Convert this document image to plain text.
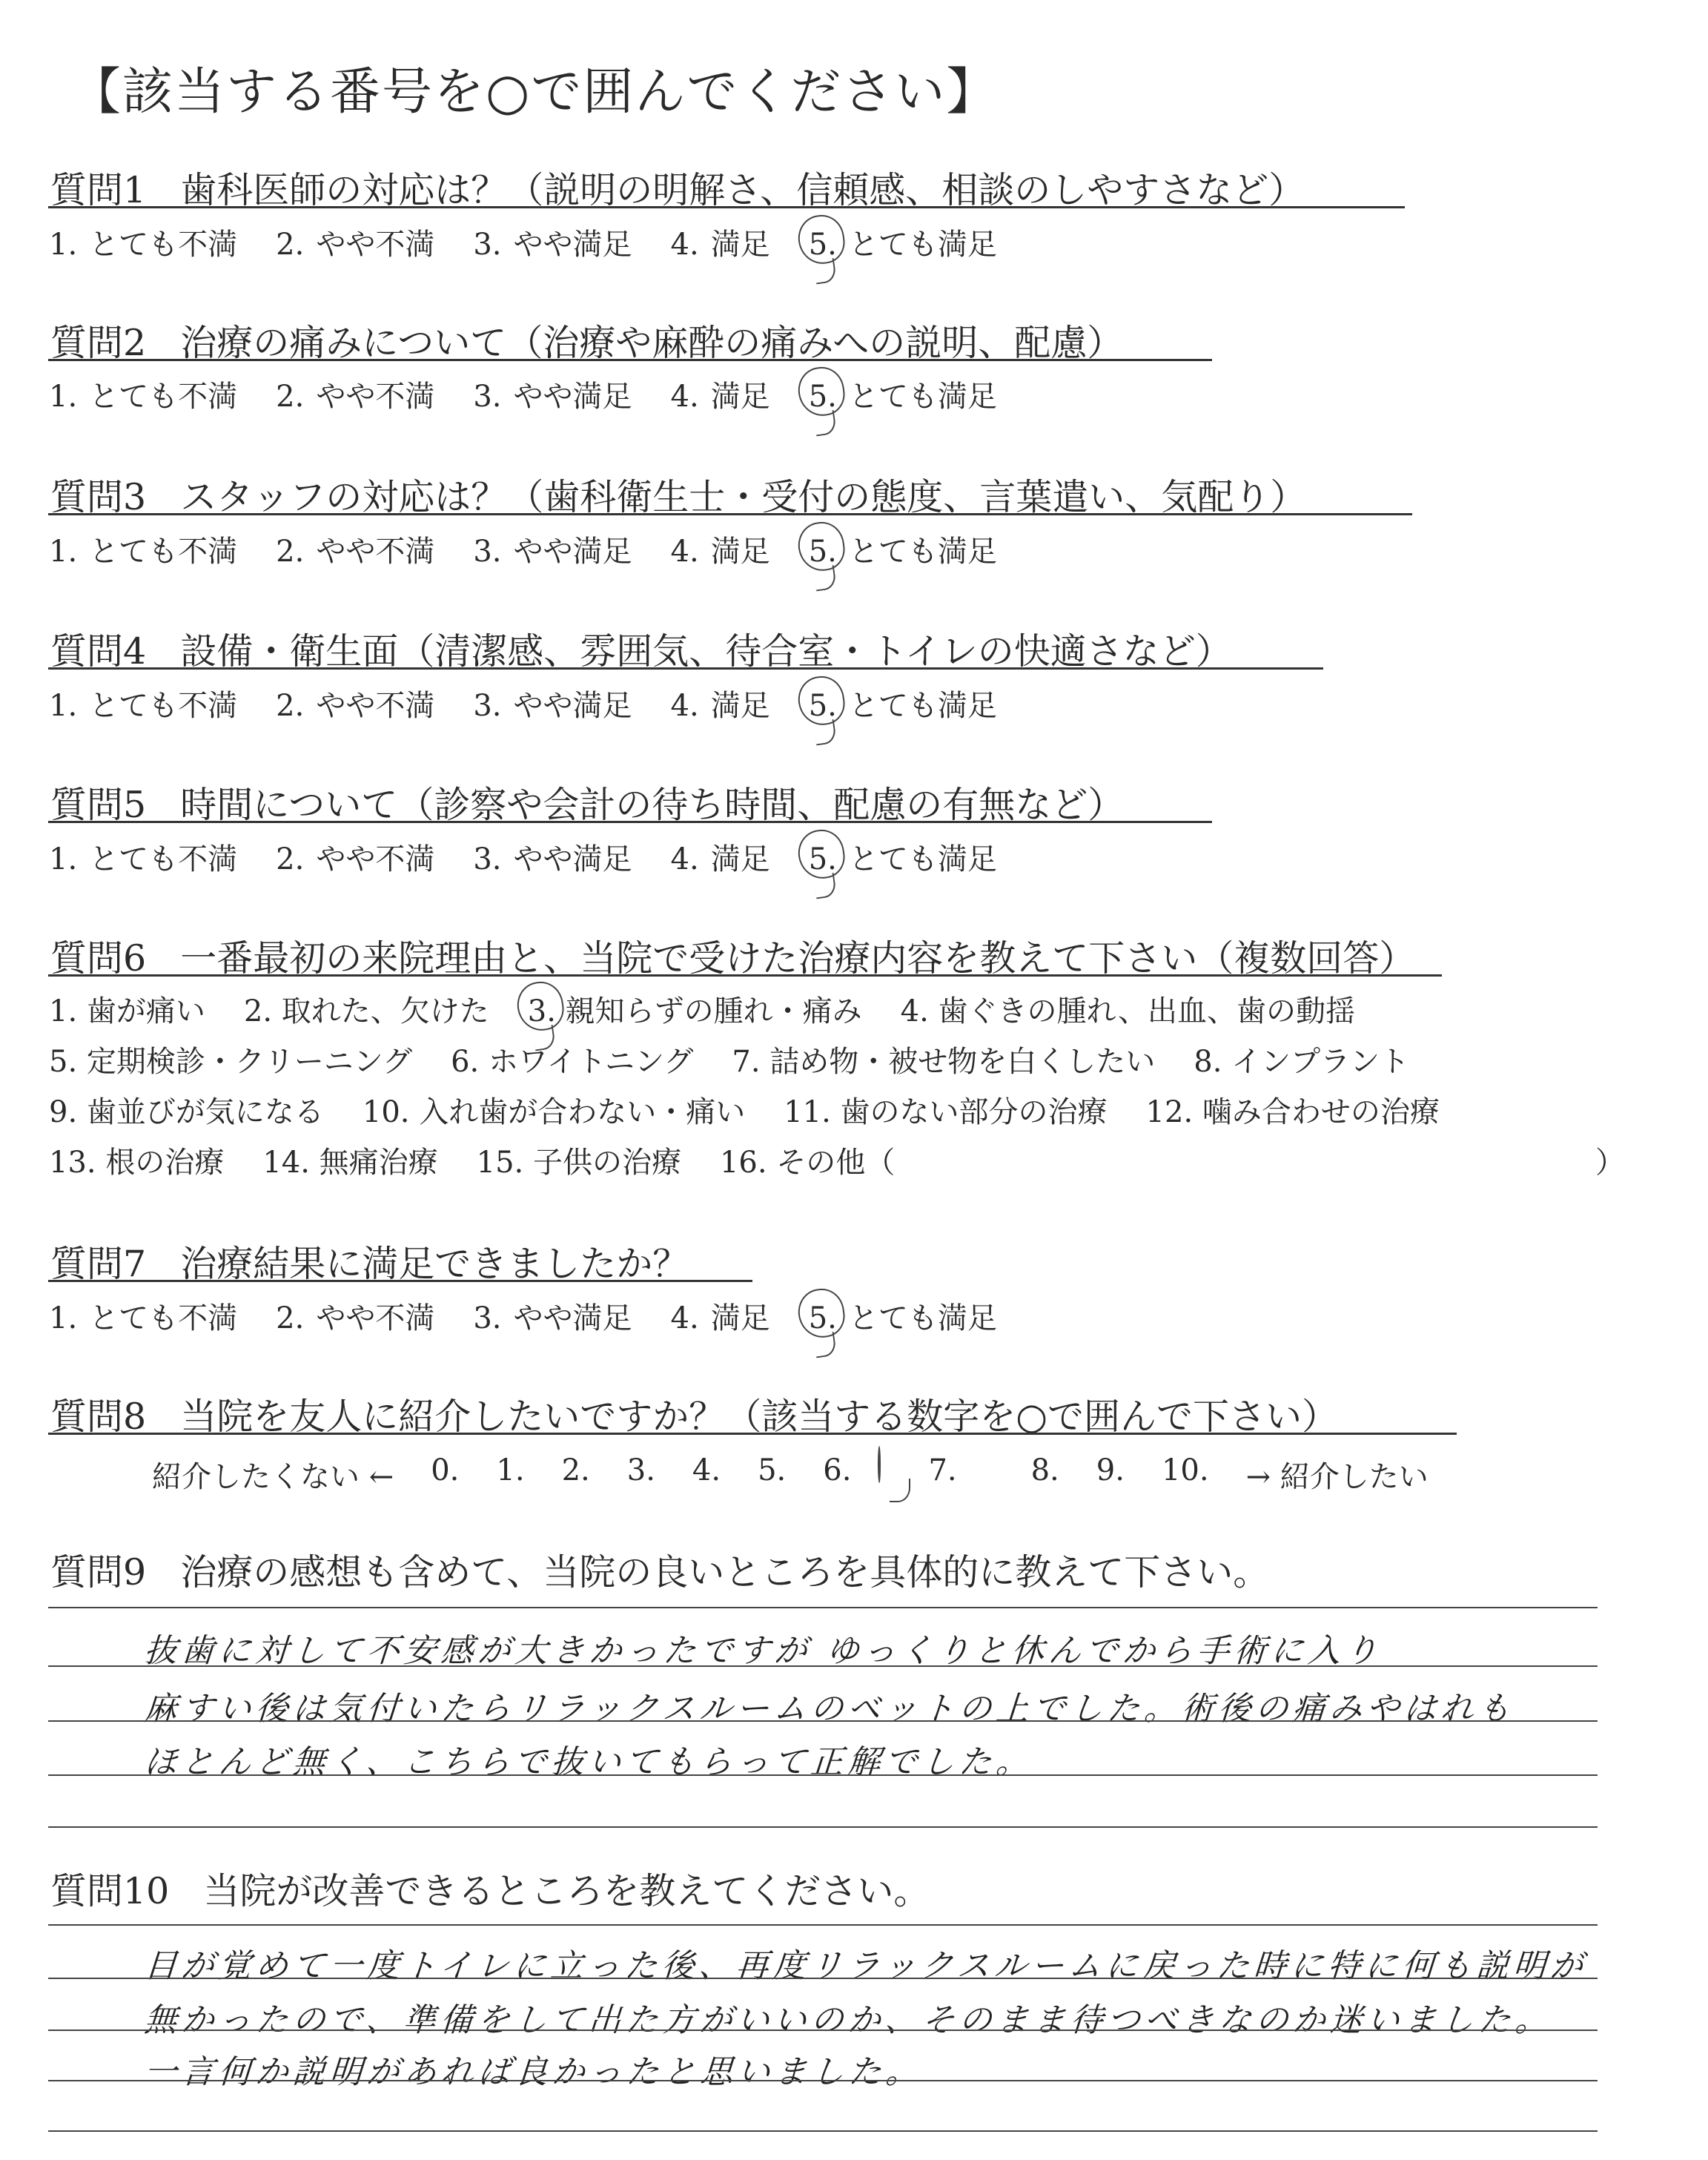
【該当する番号を○で囲んでください】
質問1 歯科医師の対応は？（説明の明解さ、信頼感、相談のしやすさなど）
1. とても不満 2. やや不満 3. やや満足 4. 満足 5. とても満足
質問2 治療の痛みについて（治療や麻酔の痛みへの説明、配慮）
1. とても不満 2. やや不満 3. やや満足 4. 満足 5. とても満足
質問3 スタッフの対応は？（歯科衛生士・受付の態度、言葉遣い、気配り）
1. とても不満 2. やや不満 3. やや満足 4. 満足 5. とても満足
質問4 設備・衛生面（清潔感、雰囲気、待合室・トイレの快適さなど）
1. とても不満 2. やや不満 3. やや満足 4. 満足 5. とても満足
質問5 時間について（診察や会計の待ち時間、配慮の有無など）
1. とても不満 2. やや不満 3. やや満足 4. 満足 5. とても満足
質問6 一番最初の来院理由と、当院で受けた治療内容を教えて下さい（複数回答）
1. 歯が痛い 2. 取れた、欠けた 3. 親知らずの腫れ・痛み 4. 歯ぐきの腫れ、出血、歯の動揺
5. 定期検診・クリーニング 6. ホワイトニング 7. 詰め物・被せ物を白くしたい 8. インプラント
9. 歯並びが気になる 10. 入れ歯が合わない・痛い 11. 歯のない部分の治療 12. 噛み合わせの治療
13. 根の治療 14. 無痛治療 15. 子供の治療 16. その他（	）
質問7 治療結果に満足できましたか？
1. とても不満 2. やや不満 3. やや満足 4. 満足 5. とても満足
質問8 当院を友人に紹介したいですか？（該当する数字を○で囲んで下さい）
紹介したくない ← 0. 1. 2. 3. 4. 5. 6.	7.	8. 9. 10. → 紹介したい
質問9 治療の感想も含めて、当院の良いところを具体的に教えて下さい。
抜歯に対して不安感が大きかったですが ゆっくりと休んでから手術に入り
麻すい後は気付いたらリラックスルームのベットの上でした。術後の痛みやはれも
ほとんど無く、こちらで抜いてもらって正解でした。
質問10 当院が改善できるところを教えてください。
目が覚めて一度トイレに立った後、再度リラックスルームに戻った時に特に何も説明が
無かったので、準備をして出た方がいいのか、そのまま待つべきなのか迷いました。
一言何か説明があれば良かったと思いました。
